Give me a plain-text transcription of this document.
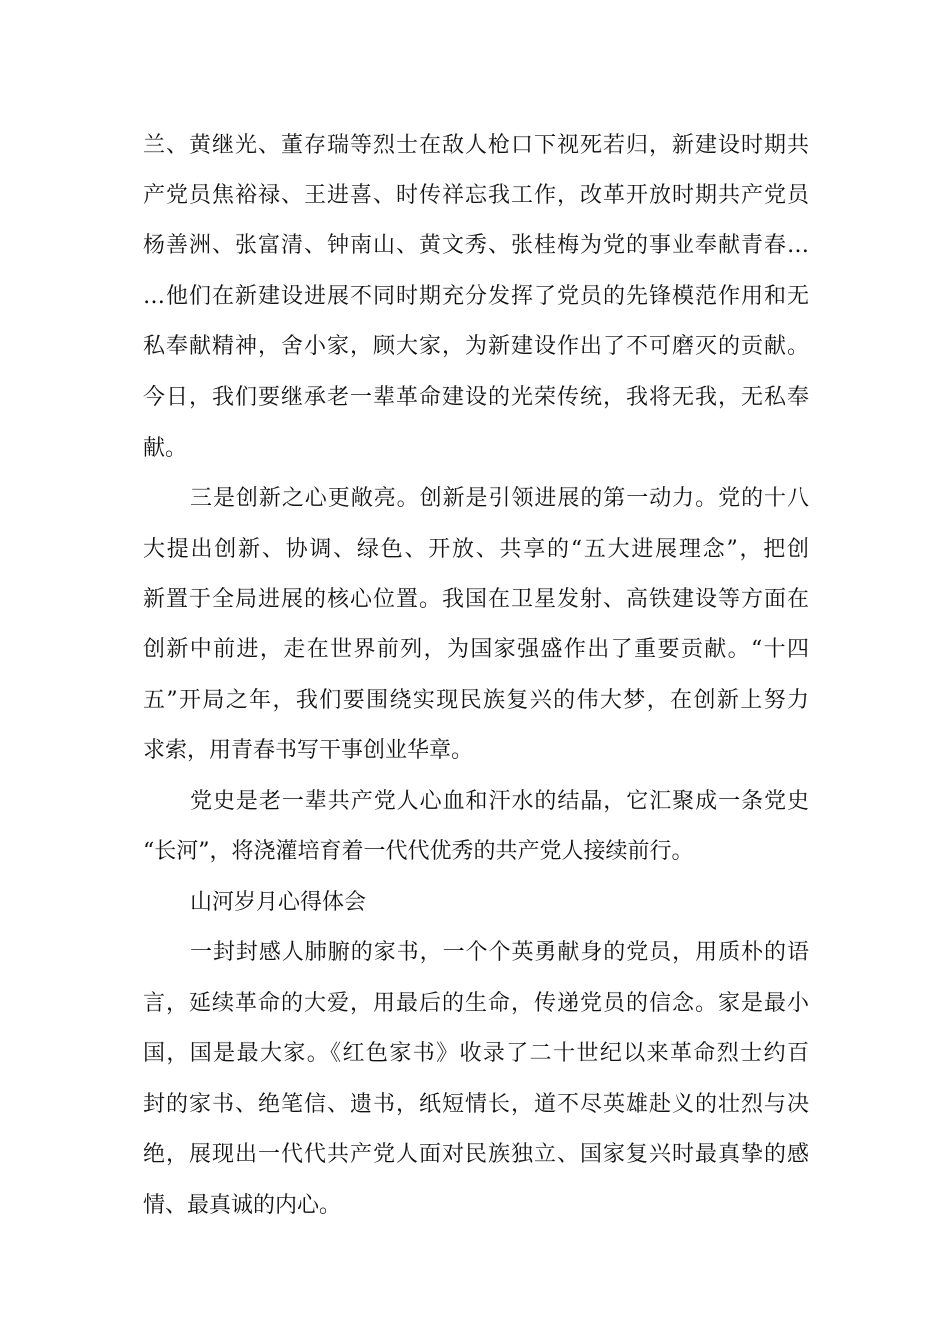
兰、黄继光、董存瑞等烈士在敌人枪口下视死若归，新建设时期共
产党员焦裕禄、王进喜、时传祥忘我工作，改革开放时期共产党员
杨善洲、张富清、钟南山、黄文秀、张桂梅为党的事业奉献青春…
…他们在新建设进展不同时期充分发挥了党员的先锋模范作用和无
私奉献精神，舍小家，顾大家，为新建设作出了不可磨灭的贡献。
今日，我们要继承老一辈革命建设的光荣传统，我将无我，无私奉
献。
三是创新之心更敞亮。创新是引领进展的第一动力。党的十八
大提出创新、协调、绿色、开放、共享的“五大进展理念”，把创
新置于全局进展的核心位置。我国在卫星发射、高铁建设等方面在
创新中前进，走在世界前列，为国家强盛作出了重要贡献。“十四
五”开局之年，我们要围绕实现民族复兴的伟大梦，在创新上努力
求索，用青春书写干事创业华章。
党史是老一辈共产党人心血和汗水的结晶，它汇聚成一条党史
“长河”，将浇灌培育着一代代优秀的共产党人接续前行。
山河岁月心得体会
一封封感人肺腑的家书，一个个英勇献身的党员，用质朴的语
言，延续革命的大爱，用最后的生命，传递党员的信念。家是最小
国，国是最大家。《红色家书》收录了二十世纪以来革命烈士约百
封的家书、绝笔信、遗书，纸短情长，道不尽英雄赴义的壮烈与决
绝，展现出一代代共产党人面对民族独立、国家复兴时最真挚的感
情、最真诚的内心。
